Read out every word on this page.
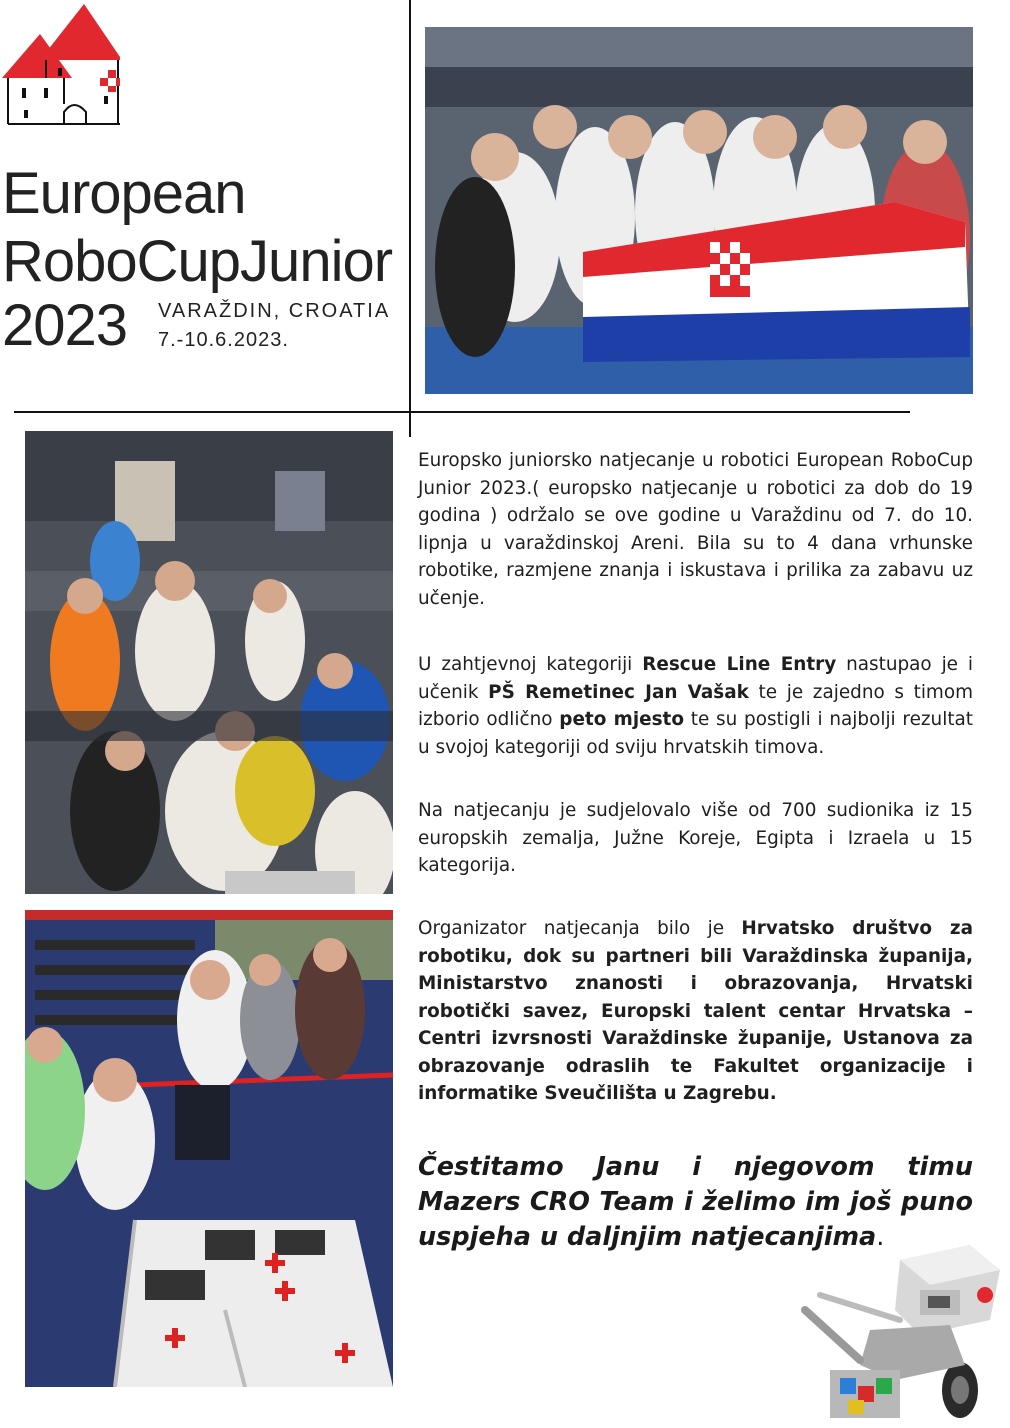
European
RoboCupJunior
2023 VARAŽDIN, CROATIA
7.-10.6.2023.
Europsko juniorsko natjecanje u robotici European RoboCup Junior 2023.( europsko natjecanje u robotici za dob do 19 godina ) održalo se ove godine u Varaždinu od 7. do 10. lipnja u varaždinskoj Areni. Bila su to 4 dana vrhunske robotike, razmjene znanja i iskustava i prilika za zabavu uz učenje.
U zahtjevnoj kategoriji Rescue Line Entry nastupao je i učenik PŠ Remetinec Jan Vašak te je zajedno s timom izborio odlično peto mjesto te su postigli i najbolji rezultat u svojoj kategoriji od sviju hrvatskih timova.
Na natjecanju je sudjelovalo više od 700 sudionika iz 15 europskih zemalja, Južne Koreje, Egipta i Izraela u 15 kategorija.
Organizator natjecanja bilo je Hrvatsko društvo za robotiku, dok su partneri bili Varaždinska županija, Ministarstvo znanosti i obrazovanja, Hrvatski robotički savez, Europski talent centar Hrvatska – Centri izvrsnosti Varaždinske županije, Ustanova za obrazovanje odraslih te Fakultet organizacije i informatike Sveučilišta u Zagrebu.
Čestitamo Janu i njegovom timu Mazers CRO Team i želimo im još puno uspjeha u daljnjim natjecanjima.
